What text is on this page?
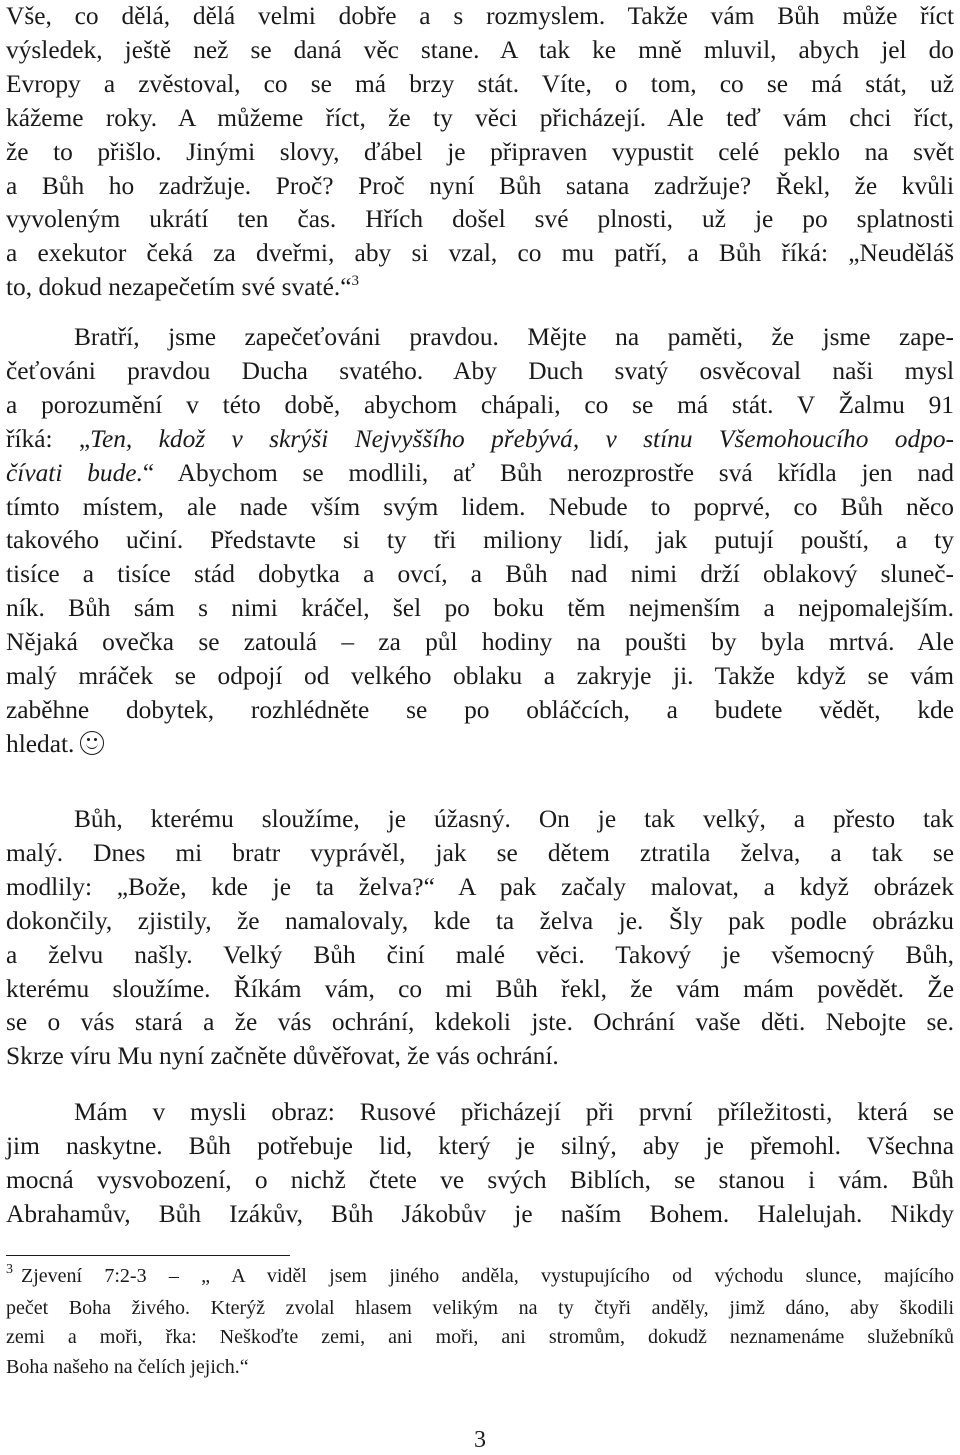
Vše, co dělá, dělá velmi dobře a s rozmyslem. Takže vám Bůh může říct
výsledek, ještě než se daná věc stane. A tak ke mně mluvil, abych jel do
Evropy a zvěstoval, co se má brzy stát. Víte, o tom, co se má stát, už
kážeme roky. A můžeme říct, že ty věci přicházejí. Ale teď vám chci říct,
že to přišlo. Jinými slovy, ďábel je připraven vypustit celé peklo na svět
a Bůh ho zadržuje. Proč? Proč nyní Bůh satana zadržuje? Řekl, že kvůli
vyvoleným ukrátí ten čas. Hřích došel své plnosti, už je po splatnosti
a exekutor čeká za dveřmi, aby si vzal, co mu patří, a Bůh říká: „Neuděláš
to, dokud nezapečetím své svaté.“$^3$
Bratří, jsme zapečeťováni pravdou. Mějte na paměti, že jsme zape-
čeťováni pravdou Ducha svatého. Aby Duch svatý osvěcoval naši mysl
a porozumění v této době, abychom chápali, co se má stát. V Žalmu 91
říká: „Ten, kdož v skrýši Nejvyššího přebývá, v stínu Všemohoucího odpo-
čívati bude.“ Abychom se modlili, ať Bůh nerozprostře svá křídla jen nad
tímto místem, ale nade vším svým lidem. Nebude to poprvé, co Bůh něco
takového učiní. Představte si ty tři miliony lidí, jak putují pouští, a ty
tisíce a tisíce stád dobytka a ovcí, a Bůh nad nimi drží oblakový sluneč-
ník. Bůh sám s nimi kráčel, šel po boku těm nejmenším a nejpomalejším.
Nějaká ovečka se zatoulá – za půl hodiny na poušti by byla mrtvá. Ale
malý mráček se odpojí od velkého oblaku a zakryje ji. Takže když se vám
zaběhne dobytek, rozhlédněte se po obláčcích, a budete vědět, kde
hledat.
Bůh, kterému sloužíme, je úžasný. On je tak velký, a přesto tak
malý. Dnes mi bratr vyprávěl, jak se dětem ztratila želva, a tak se
modlily: „Bože, kde je ta želva?“ A pak začaly malovat, a když obrázek
dokončily, zjistily, že namalovaly, kde ta želva je. Šly pak podle obrázku
a želvu našly. Velký Bůh činí malé věci. Takový je všemocný Bůh,
kterému sloužíme. Říkám vám, co mi Bůh řekl, že vám mám povědět. Že
se o vás stará a že vás ochrání, kdekoli jste. Ochrání vaše děti. Nebojte se.
Skrze víru Mu nyní začněte důvěřovat, že vás ochrání.
Mám v mysli obraz: Rusové přicházejí při první příležitosti, která se
jim naskytne. Bůh potřebuje lid, který je silný, aby je přemohl. Všechna
mocná vysvobození, o nichž čtete ve svých Biblích, se stanou i vám. Bůh
Abrahamův, Bůh Izákův, Bůh Jákobův je naším Bohem. Halelujah. Nikdy
$^3$ Zjevení 7:2-3 – „ A viděl jsem jiného anděla, vystupujícího od východu slunce, majícího
pečet Boha živého. Kterýž zvolal hlasem velikým na ty čtyři anděly, jimž dáno, aby škodili
zemi a moři, řka: Neškoďte zemi, ani moři, ani stromům, dokudž neznamenáme služebníků
Boha našeho na čelích jejich.“
3
